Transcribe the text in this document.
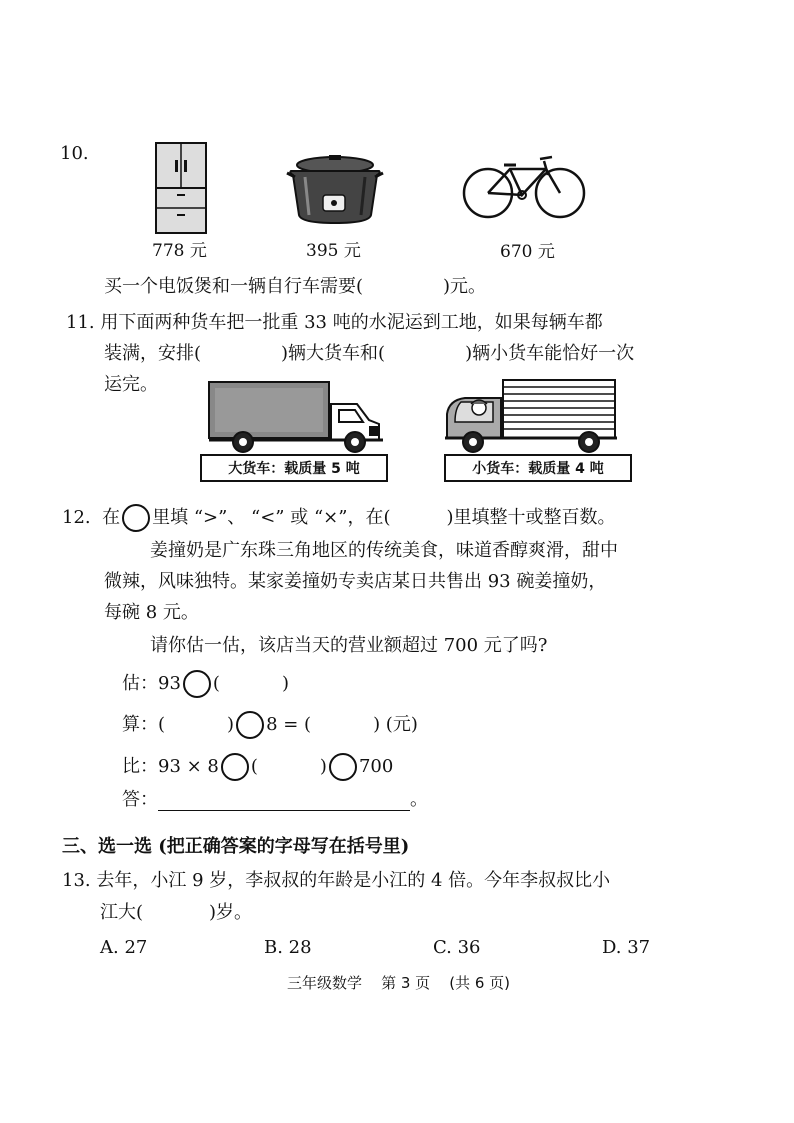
10.
778 元	395 元	670 元
买一个电饭煲和一辆自行车需要(	)元。
11. 用下面两种货车把一批重 33 吨的水泥运到工地，如果每辆车都
装满，安排(	)辆大货车和(	)辆小货车能恰好一次
运完。
大货车：载质量 5 吨	小货车：载质量 4 吨
12. 在 里填 “>”、 “<” 或 “×”，在(	)里填整十或整百数。
姜撞奶是广东珠三角地区的传统美食，味道香醇爽滑，甜中
微辣，风味独特。某家姜撞奶专卖店某日共售出 93 碗姜撞奶，
每碗 8 元。
请你估一估，该店当天的营业额超过 700 元了吗?
估：93 (	)
算：(	) 8 = (	) (元)
比：93 × 8 (	) 700
答：	。
三、选一选 (把正确答案的字母写在括号里)
13. 去年，小江 9 岁，李叔叔的年龄是小江的 4 倍。今年李叔叔比小
江大(	)岁。
A. 27	B. 28	C. 36	D. 37
三年级数学    第 3 页    (共 6 页)
